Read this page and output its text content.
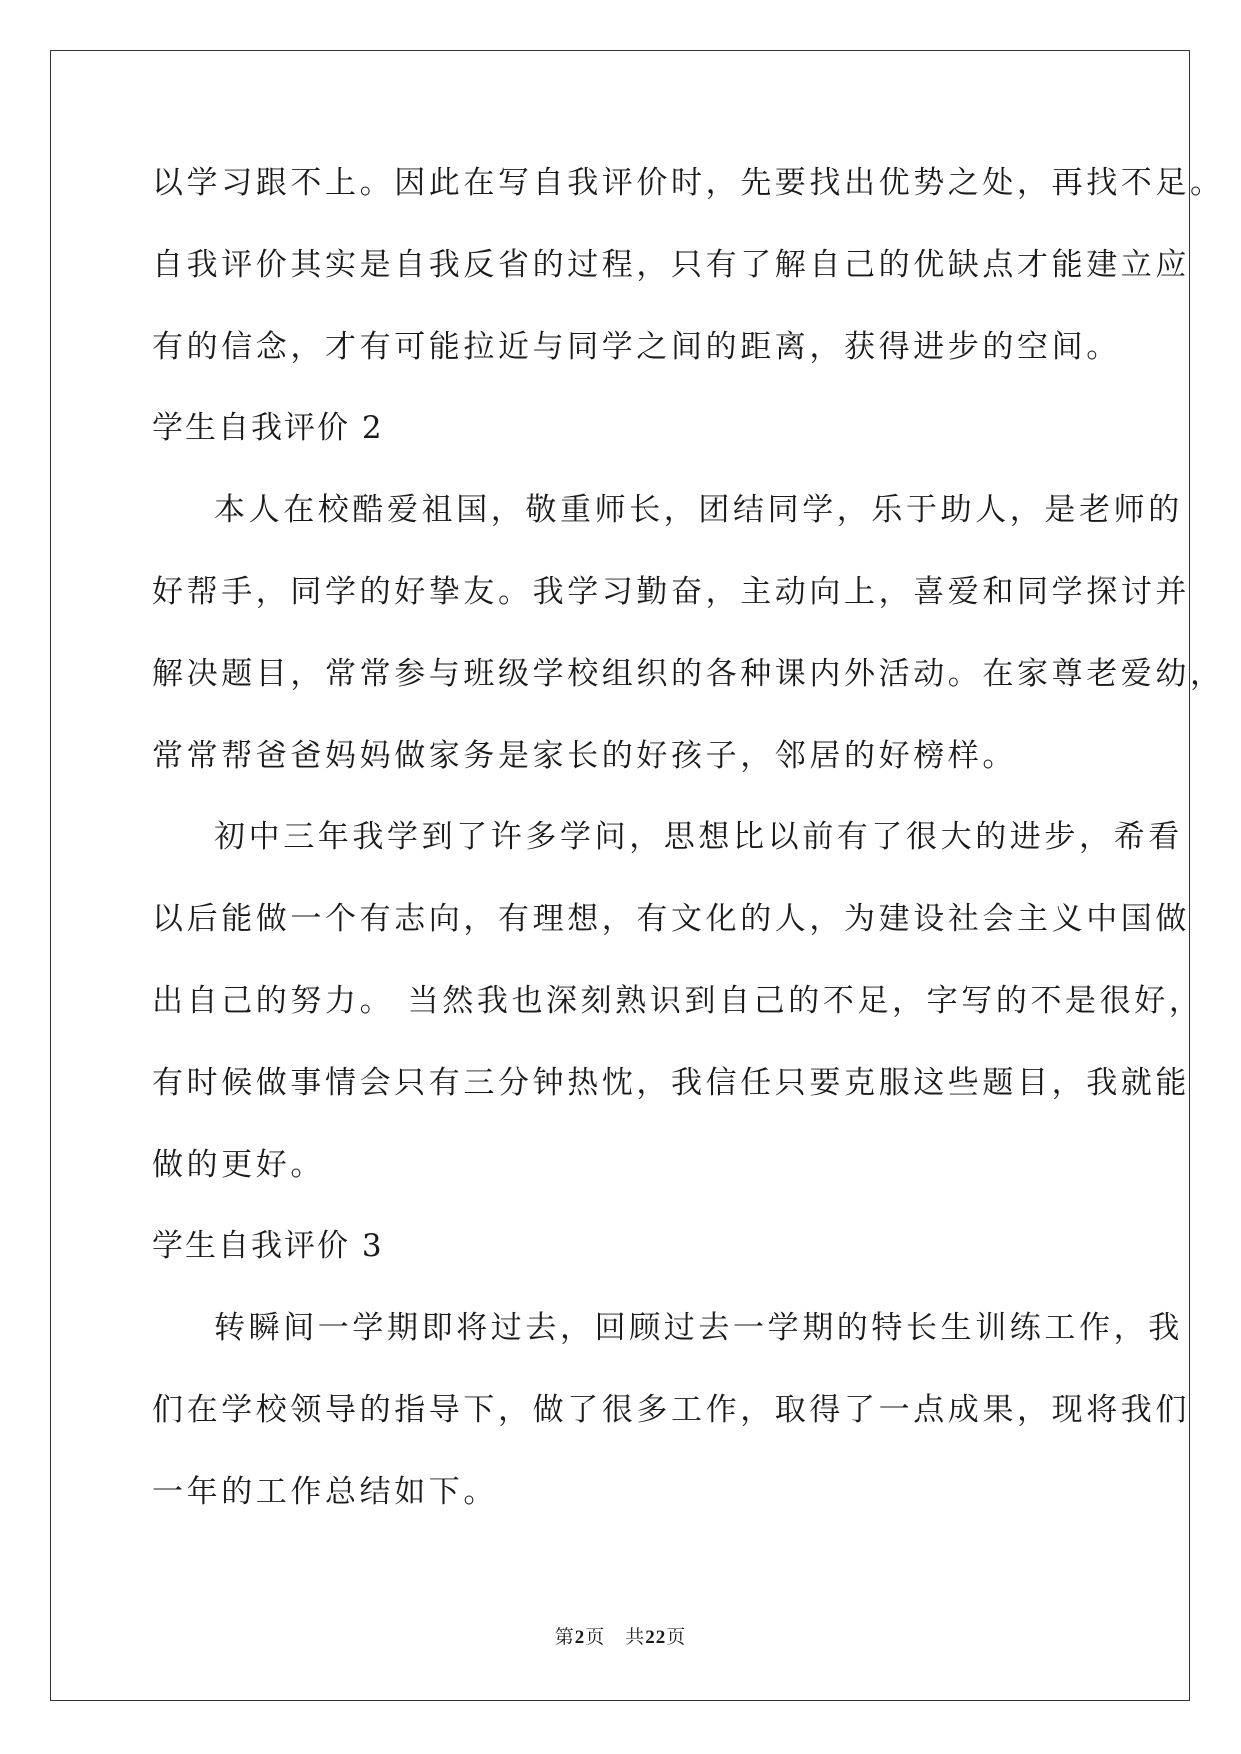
以学习跟不上。因此在写自我评价时，先要找出优势之处，再找不足。
自我评价其实是自我反省的过程，只有了解自己的优缺点才能建立应
有的信念，才有可能拉近与同学之间的距离，获得进步的空间。
学生自我评价 2
本人在校酷爱祖国，敬重师长，团结同学，乐于助人，是老师的
好帮手，同学的好挚友。我学习勤奋，主动向上，喜爱和同学探讨并
解决题目，常常参与班级学校组织的各种课内外活动。在家尊老爱幼，
常常帮爸爸妈妈做家务是家长的好孩子，邻居的好榜样。
初中三年我学到了许多学问，思想比以前有了很大的进步，希看
以后能做一个有志向，有理想，有文化的人，为建设社会主义中国做
出自己的努力。 当然我也深刻熟识到自己的不足，字写的不是很好，
有时候做事情会只有三分钟热忱，我信任只要克服这些题目，我就能
做的更好。
学生自我评价 3
转瞬间一学期即将过去，回顾过去一学期的特长生训练工作，我
们在学校领导的指导下，做了很多工作，取得了一点成果，现将我们
一年的工作总结如下。
第2页 共22页
